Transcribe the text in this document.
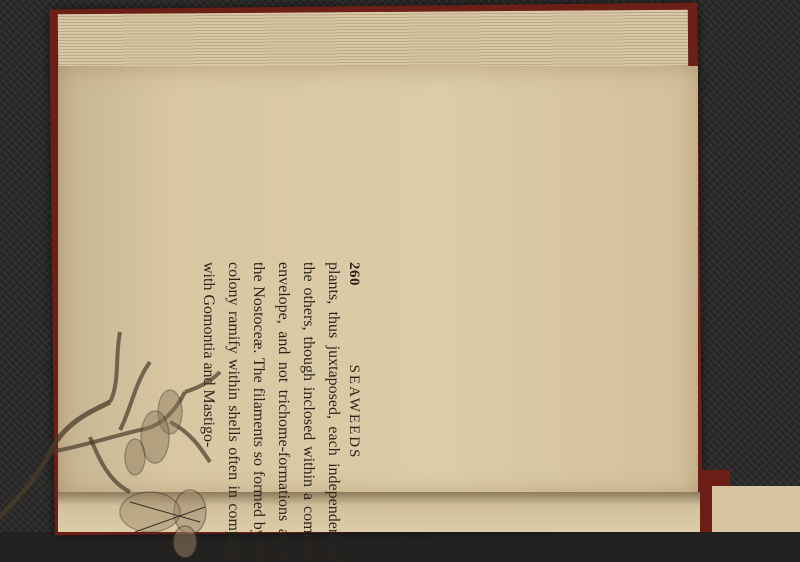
260
SEAWEEDS

plants, thus juxtaposed, each independent of the others, though inclosed within a common envelope, and not trichome-formations as in the Nostoceæ. The filaments so formed by the colony ramify within shells often in company with Gomontia and Mastigo-
